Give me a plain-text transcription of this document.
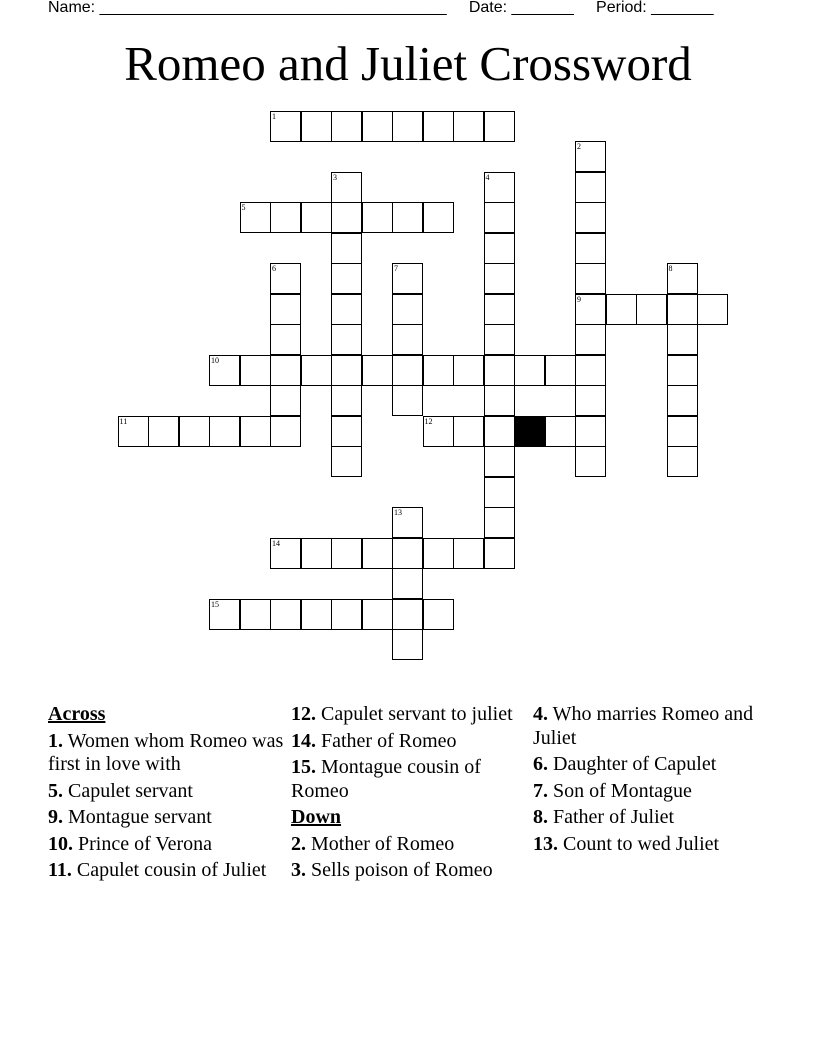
Name: _______________________________________     Date: _______     Period: _______
Romeo and Juliet Crossword
1
2
9
3	4
5
6	7	8
10
11	12
13
14
15
Across
1. Women whom Romeo was first in love with
5. Capulet servant
9. Montague servant
10. Prince of Verona
11. Capulet cousin of Juliet
12. Capulet servant to juliet
14. Father of Romeo
15. Montague cousin of Romeo
Down
2. Mother of Romeo
3. Sells poison of Romeo
4. Who marries Romeo and Juliet
6. Daughter of Capulet
7. Son of Montague
8. Father of Juliet
13. Count to wed Juliet
